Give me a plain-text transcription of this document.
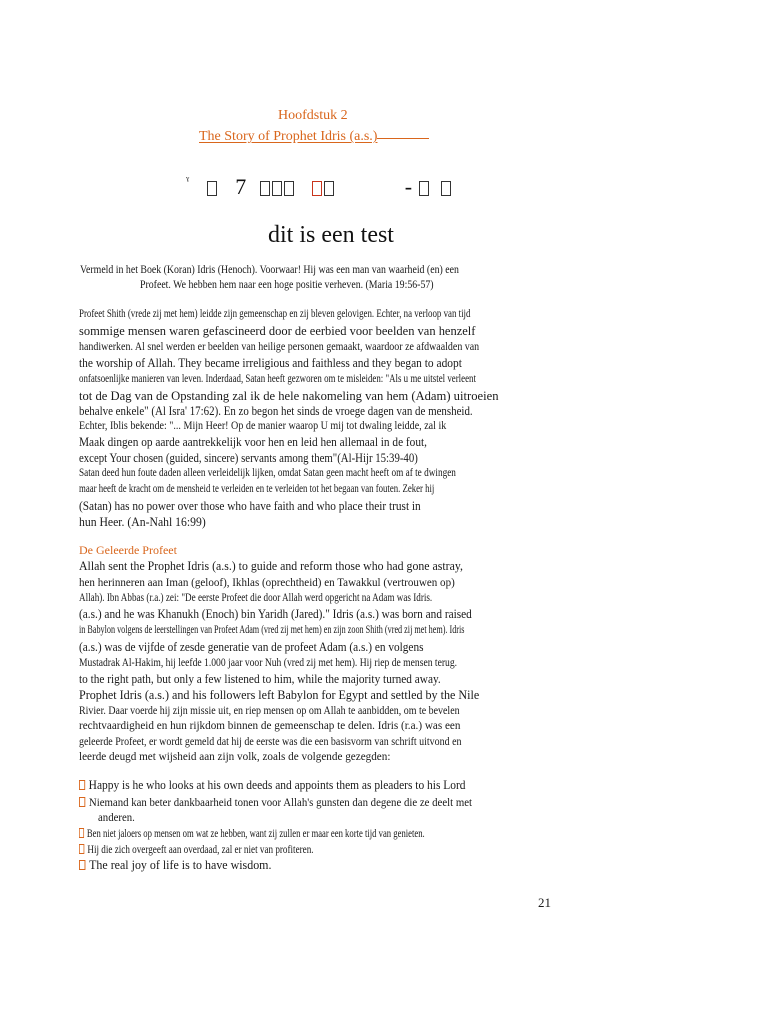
Hoofdstuk 2
The Story of Prophet Idris (a.s.)
$^ˠ$ 7	-
dit is een test
Vermeld in het Boek (Koran) Idris (Henoch). Voorwaar! Hij was een man van waarheid (en) een
Profeet. We hebben hem naar een hoge positie verheven. (Maria 19:56-57)
Profeet Shith (vrede zij met hem) leidde zijn gemeenschap en zij bleven gelovigen. Echter, na verloop van tijd
sommige mensen waren gefascineerd door de eerbied voor beelden van henzelf
handiwerken. Al snel werden er beelden van heilige personen gemaakt, waardoor ze afdwaalden van
the worship of Allah. They became irreligious and faithless and they began to adopt
onfatsoenlijke manieren van leven. Inderdaad, Satan heeft gezworen om te misleiden: "Als u me uitstel verleent
tot de Dag van de Opstanding zal ik de hele nakomeling van hem (Adam) uitroeien
behalve enkele" (Al Isra' 17:62). En zo begon het sinds de vroege dagen van de mensheid.
Echter, Iblis bekende: "... Mijn Heer! Op de manier waarop U mij tot dwaling leidde, zal ik
Maak dingen op aarde aantrekkelijk voor hen en leid hen allemaal in de fout,
except Your chosen (guided, sincere) servants among them"(Al-Hijr 15:39-40)
Satan deed hun foute daden alleen verleidelijk lijken, omdat Satan geen macht heeft om af te dwingen
maar heeft de kracht om de mensheid te verleiden en te verleiden tot het begaan van fouten. Zeker hij
(Satan) has no power over those who have faith and who place their trust in
hun Heer. (An-Nahl 16:99)
De Geleerde Profeet
Allah sent the Prophet Idris (a.s.) to guide and reform those who had gone astray,
hen herinneren aan Iman (geloof), Ikhlas (oprechtheid) en Tawakkul (vertrouwen op)
Allah). Ibn Abbas (r.a.) zei: "De eerste Profeet die door Allah werd opgericht na Adam was Idris.
(a.s.) and he was Khanukh (Enoch) bin Yaridh (Jared)." Idris (a.s.) was born and raised
in Babylon volgens de leerstellingen van Profeet Adam (vred zij met hem) en zijn zoon Shith (vred zij met hem). Idris
(a.s.) was de vijfde of zesde generatie van de profeet Adam (a.s.) en volgens
Mustadrak Al-Hakim, hij leefde 1.000 jaar voor Nuh (vred zij met hem). Hij riep de mensen terug.
to the right path, but only a few listened to him, while the majority turned away.
Prophet Idris (a.s.) and his followers left Babylon for Egypt and settled by the Nile
Rivier. Daar voerde hij zijn missie uit, en riep mensen op om Allah te aanbidden, om te bevelen
rechtvaardigheid en hun rijkdom binnen de gemeenschap te delen. Idris (r.a.) was een
geleerde Profeet, er wordt gemeld dat hij de eerste was die een basisvorm van schrift uitvond en
leerde deugd met wijsheid aan zijn volk, zoals de volgende gezegden:
Happy is he who looks at his own deeds and appoints them as pleaders to his Lord
Niemand kan beter dankbaarheid tonen voor Allah's gunsten dan degene die ze deelt met
anderen.
Ben niet jaloers op mensen om wat ze hebben, want zij zullen er maar een korte tijd van genieten.
Hij die zich overgeeft aan overdaad, zal er niet van profiteren.
The real joy of life is to have wisdom.
21
